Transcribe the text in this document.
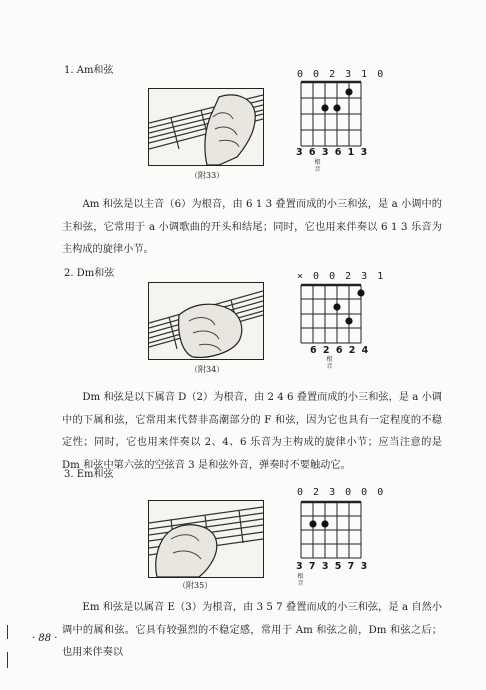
1. Am和弦
（附33）
0 0 2 3 1 0
3 6 3 6 1 3
根音
Am 和弦是以主音（6）为根音，由 6 1 3 叠置而成的小三和弦，是 a 小调中的主和弦，它常用于 a 小调歌曲的开头和结尾；同时，它也用来伴奏以 6 1 3 乐音为主构成的旋律小节。
2. Dm和弦
（附34）
× 0 0 2 3 1
6 2 6 2 4
根音
Dm 和弦是以下属音 D（2）为根音，由 2 4 6 叠置而成的小三和弦，是 a 小调中的下属和弦，它常用来代替非高潮部分的 F 和弦，因为它也具有一定程度的不稳定性；同时，它也用来伴奏以 2、4、6 乐音为主构成的旋律小节；应当注意的是 Dm 和弦中第六弦的空弦音 3 是和弦外音，弹奏时不要触动它。
3. Em和弦
（附35）
0 2 3 0 0 0
3 7 3 5 7 3
根音
Em 和弦是以属音 E（3）为根音，由 3 5 7 叠置而成的小三和弦，是 a 自然小调中的属和弦。它具有较强烈的不稳定感，常用于 Am 和弦之前，Dm 和弦之后；也用来伴奏以
· 88 ·
